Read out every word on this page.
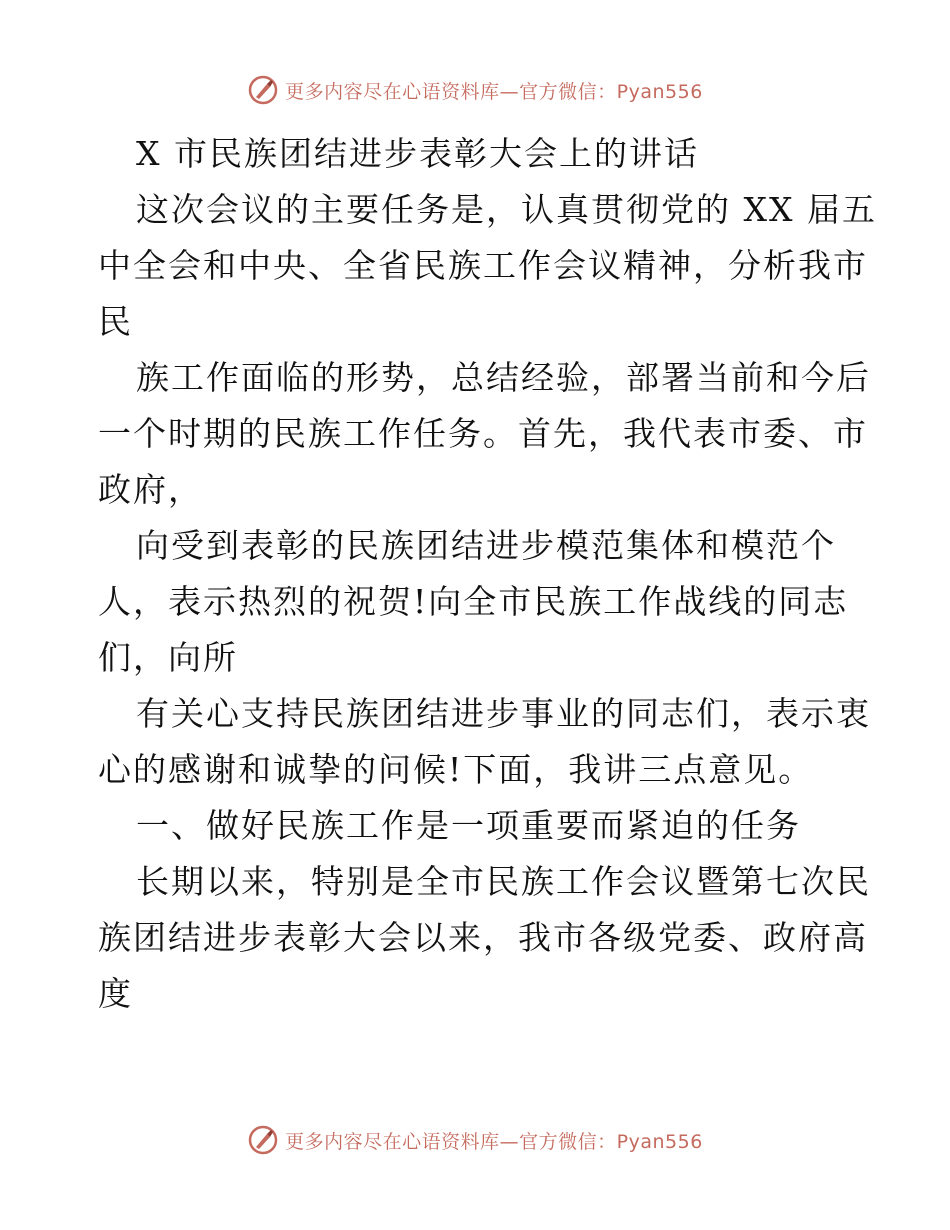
更多内容尽在心语资料库—官方微信：Pyan556
X 市民族团结进步表彰大会上的讲话
这次会议的主要任务是，认真贯彻党的 XX 届五
中全会和中央、全省民族工作会议精神，分析我市
民
族工作面临的形势，总结经验，部署当前和今后
一个时期的民族工作任务。首先，我代表市委、市
政府，
向受到表彰的民族团结进步模范集体和模范个
人，表示热烈的祝贺!向全市民族工作战线的同志
们，向所
有关心支持民族团结进步事业的同志们，表示衷
心的感谢和诚挚的问候!下面，我讲三点意见。
一、做好民族工作是一项重要而紧迫的任务
长期以来，特别是全市民族工作会议暨第七次民
族团结进步表彰大会以来，我市各级党委、政府高
度
更多内容尽在心语资料库—官方微信：Pyan556
